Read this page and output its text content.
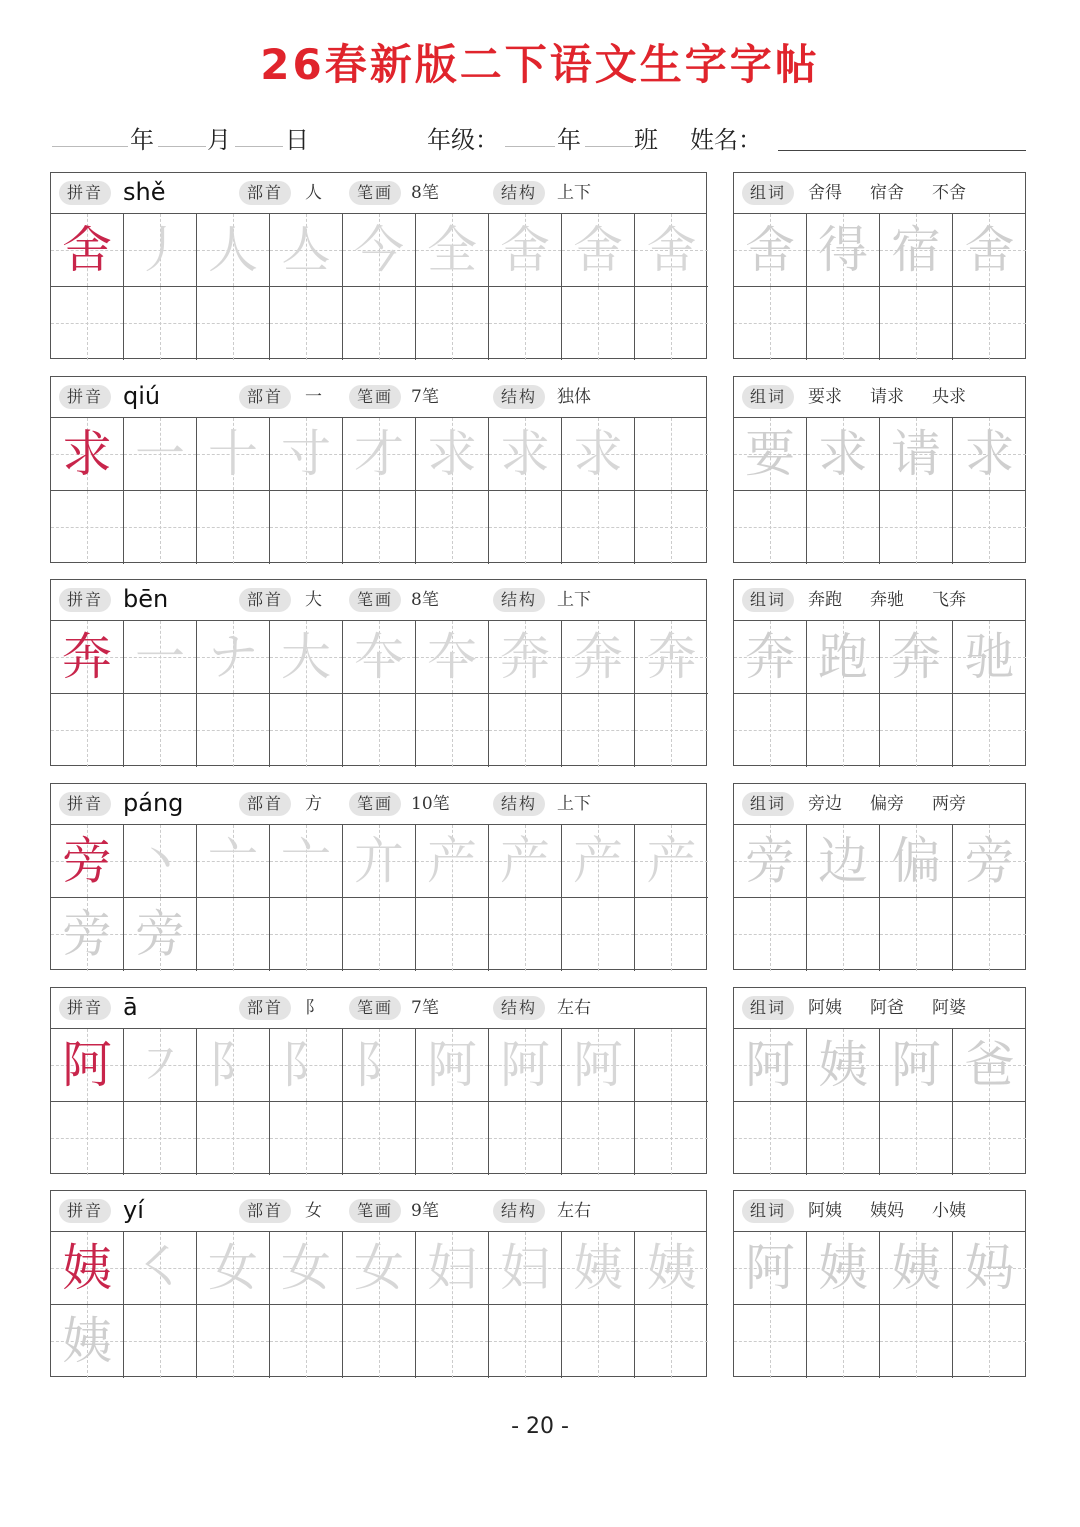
26春新版二下语文生字字帖
年 月 日	年级： 年 班 姓名：
拼音 shě	部首	人	笔画	8笔	结构	上下
舍 丿 人 亼 今 全 舍 舍 舍
组词	舍得 宿舍 不舍
舍 得 宿 舍
拼音 qiú	部首	一	笔画	7笔	结构	独体
求 一 十 寸 才 求 求 求
组词	要求 请求 央求
要 求 请 求
拼音 bēn	部首	大	笔画	8笔	结构	上下
奔 一 ナ 大 夲 夲 奔 奔 奔
组词	奔跑 奔驰 飞奔
奔 跑 奔 驰
拼音 páng	部首	方	笔画	10笔	结构	上下
旁 丶 亠 亠 亣 产 产 产 产
旁 旁
组词	旁边 偏旁 两旁
旁 边 偏 旁
拼音 ā	部首	阝	笔画	7笔	结构	左右
阿 ㇇ 阝 阝 阝 阿 阿 阿
组词	阿姨 阿爸 阿婆
阿 姨 阿 爸
拼音 yí	部首	女	笔画	9笔	结构	左右
姨 ㇛ 女 女 女 妇 妇 姨 姨
姨
组词	阿姨 姨妈 小姨
阿 姨 姨 妈
- 20 -
